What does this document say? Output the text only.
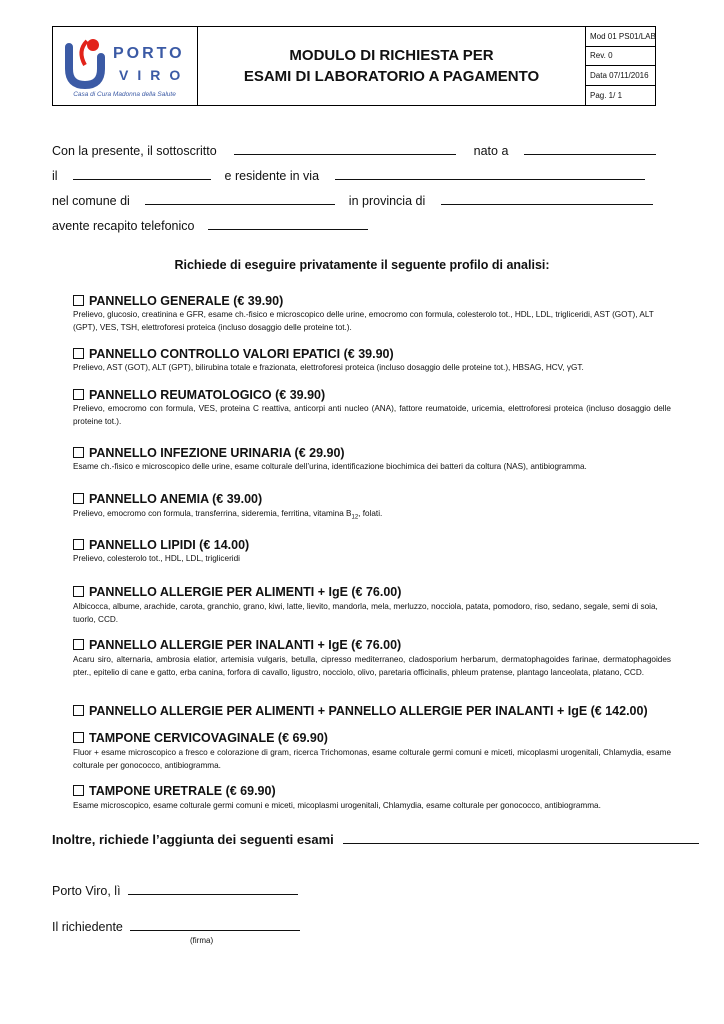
PORTO
VIRO
Casa di Cura Madonna della Salute
MODULO DI RICHIESTA PER
ESAMI DI LABORATORIO A PAGAMENTO
Mod 01 PS01/LAB
Rev. 0
Data 07/11/2016
Pag. 1/ 1
Con la presente, il sottoscritto	nato a
il	e residente in via
nel comune di	in provincia di
avente recapito telefonico
Richiede di eseguire privatamente il seguente profilo di analisi:
PANNELLO GENERALE (€ 39.90)
Prelievo, glucosio, creatinina e GFR, esame ch.-fisico e microscopico delle urine, emocromo con formula, colesterolo tot., HDL, LDL, trigliceridi, AST (GOT), ALT (GPT), VES, TSH, elettroforesi proteica (incluso dosaggio delle proteine tot.).
PANNELLO CONTROLLO VALORI EPATICI (€ 39.90)
Prelievo, AST (GOT), ALT (GPT), bilirubina totale e frazionata, elettroforesi proteica (incluso dosaggio delle proteine tot.), HBSAG, HCV, γGT.
PANNELLO REUMATOLOGICO (€ 39.90)
Prelievo, emocromo con formula, VES, proteina C reattiva, anticorpi anti nucleo (ANA), fattore reumatoide, uricemia, elettroforesi proteica (incluso dosaggio delle proteine tot.).
PANNELLO INFEZIONE URINARIA (€ 29.90)
Esame ch.-fisico e microscopico delle urine, esame colturale dell’urina, identificazione biochimica dei batteri da coltura (NAS), antibiogramma.
PANNELLO ANEMIA (€ 39.00)
Prelievo, emocromo con formula, transferrina, sideremia, ferritina, vitamina $B_{12}$, folati.
PANNELLO LIPIDI (€ 14.00)
Prelievo, colesterolo tot., HDL, LDL, trigliceridi
PANNELLO ALLERGIE PER ALIMENTI + IgE (€ 76.00)
Albicocca, albume, arachide, carota, granchio, grano, kiwi, latte, lievito, mandorla, mela, merluzzo, nocciola, patata, pomodoro, riso, sedano, segale, semi di soia, tuorlo, CCD.
PANNELLO ALLERGIE PER INALANTI + IgE (€ 76.00)
Acaru siro, alternaria, ambrosia elatior, artemisia vulgaris, betulla, cipresso mediterraneo, cladosporium herbarum, dermatophagoides farinae, dermatophagoides pter., epitelio di cane e gatto, erba canina, forfora di cavallo, ligustro, nocciolo, olivo, paretaria officinalis, phleum pratense, plantago lanceolata, platano, CCD.
PANNELLO ALLERGIE PER ALIMENTI + PANNELLO ALLERGIE PER INALANTI + IgE (€ 142.00)
TAMPONE CERVICOVAGINALE (€ 69.90)
Fluor + esame microscopico a fresco e colorazione di gram, ricerca Trichomonas, esame colturale germi comuni e miceti, micoplasmi urogenitali, Chlamydia, esame colturale per gonococco, antibiogramma.
TAMPONE URETRALE (€ 69.90)
Esame microscopico, esame colturale germi comuni e miceti, micoplasmi urogenitali, Chlamydia, esame colturale per gonococco, antibiogramma.
Inoltre, richiede l’aggiunta dei seguenti esami
Porto Viro, lì
Il richiedente
(firma)
